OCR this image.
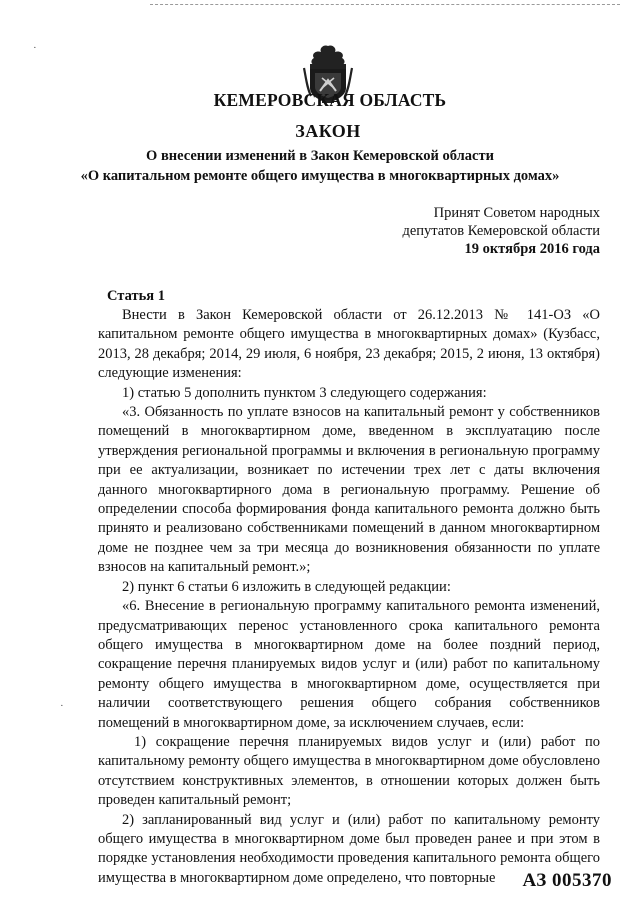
·
·
КЕМЕРОВСКАЯ ОБЛАСТЬ
ЗАКОН
О внесении изменений в Закон Кемеровской области
«О капитальном ремонте общего имущества в многоквартирных домах»
Принят Советом народных
депутатов Кемеровской области
19 октября 2016 года
Статья 1

Внести в Закон Кемеровской области от 26.12.2013 № 141-ОЗ «О капитальном ремонте общего имущества в многоквартирных домах» (Кузбасс, 2013, 28 декабря; 2014, 29 июля, 6 ноября, 23 декабря; 2015, 2 июня, 13 октября) следующие изменения:

1) статью 5 дополнить пунктом 3 следующего содержания:

«3. Обязанность по уплате взносов на капитальный ремонт у собственников помещений в многоквартирном доме, введенном в эксплуатацию после утверждения региональной программы и включения в региональную программу при ее актуализации, возникает по истечении трех лет с даты включения данного многоквартирного дома в региональную программу. Решение об определении способа формирования фонда капитального ремонта должно быть принято и реализовано собственниками помещений в данном многоквартирном доме не позднее чем за три месяца до возникновения обязанности по уплате взносов на капитальный ремонт.»;

2) пункт 6 статьи 6 изложить в следующей редакции:

«6. Внесение в региональную программу капитального ремонта изменений, предусматривающих перенос установленного срока капитального ремонта общего имущества в многоквартирном доме на более поздний период, сокращение перечня планируемых видов услуг и (или) работ по капитальному ремонту общего имущества в многоквартирном доме, осуществляется при наличии соответствующего решения общего собрания собственников помещений в многоквартирном доме, за исключением случаев, если:

1) сокращение перечня планируемых видов услуг и (или) работ по капитальному ремонту общего имущества в многоквартирном доме обусловлено отсутствием конструктивных элементов, в отношении которых должен быть проведен капитальный ремонт;

2) запланированный вид услуг и (или) работ по капитальному ремонту общего имущества в многоквартирном доме был проведен ранее и при этом в порядке установления необходимости проведения капитального ремонта общего имущества в многоквартирном доме определено, что повторные	АЗ 005370
